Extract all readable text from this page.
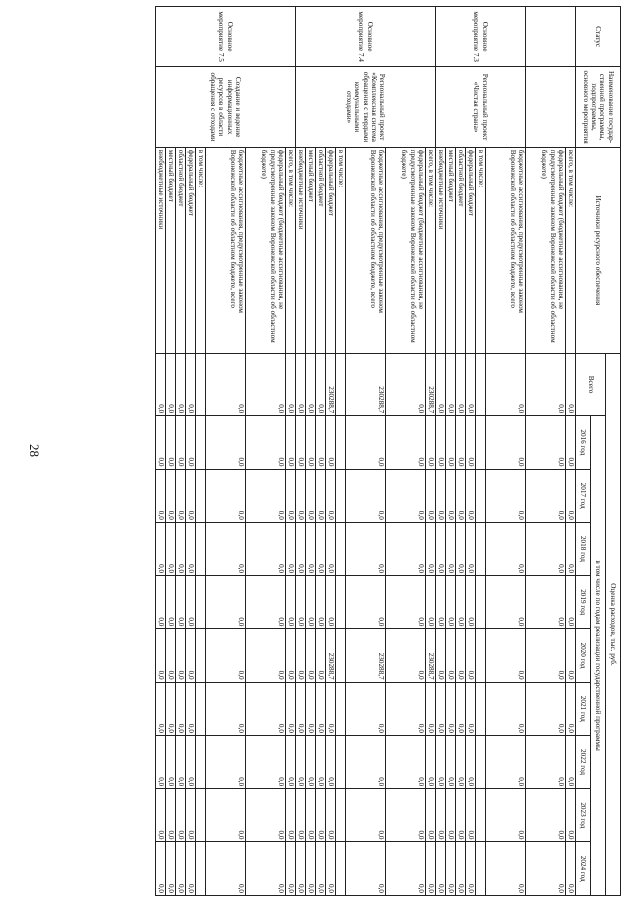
28
Статус	Наименование государ-ственной программы, подпрограммы, основного мероприятия	Источники ресурсного обеспечения	Оценка расходов, тыс. руб.									
			Всего	в том числе по годам реализации государственной программы								
				2016 год	2017 год	2018 год	2019 год	2020 год	2021 год	2022 год	2023 год	2024 год
		всего, в том числе:	0,0	0,0	0,0	0,0	0,0	0,0	0,0	0,0	0,0	0,0
		федеральный бюджет (бюджетные ассигнования, не предусмотренные законом Воронежской области об областном бюджете)	0,0	0,0	0,0	0,0	0,0	0,0	0,0	0,0	0,0	0,0
Основное мероприятие 7.3	Региональный проект «Чистая страна»	бюджетные ассигнования, предусмотренные законом Воронежской области об областном бюджете, всего	0,0	0,0	0,0	0,0	0,0	0,0	0,0	0,0	0,0	0,0
		в том числе:										
		федеральный бюджет	0,0	0,0	0,0	0,0	0,0	0,0	0,0	0,0	0,0	0,0
		областной бюджет	0,0	0,0	0,0	0,0	0,0	0,0	0,0	0,0	0,0	0,0
		местный бюджет	0,0	0,0	0,0	0,0	0,0	0,0	0,0	0,0	0,0	0,0
		внебюджетные источники	0,0	0,0	0,0	0,0	0,0	0,0	0,0	0,0	0,0	0,0
Основное мероприятие 7.4	Региональный проект «Комплексная система обращения с твердыми коммунальными отходами»	всего, в том числе:	230288,7	0,0	0,0	0,0	0,0	230288,7	0,0	0,0	0,0	0,0
		федеральный бюджет (бюджетные ассигнования, не предусмотренные законом Воронежской области об областном бюджете)	0,0	0,0	0,0	0,0	0,0	0,0	0,0	0,0	0,0	0,0
		бюджетные ассигнования, предусмотренные законом Воронежской области об областном бюджете, всего	230288,7	0,0	0,0	0,0	0,0	230288,7	0,0	0,0	0,0	0,0
		в том числе:										
		федеральный бюджет	230288,7	0,0	0,0	0,0	0,0	230288,7	0,0	0,0	0,0	0,0
		областной бюджет	0,0	0,0	0,0	0,0	0,0	0,0	0,0	0,0	0,0	0,0
		местный бюджет	0,0	0,0	0,0	0,0	0,0	0,0	0,0	0,0	0,0	0,0
		внебюджетные источники	0,0	0,0	0,0	0,0	0,0	0,0	0,0	0,0	0,0	0,0
Основное мероприятие 7.5	Создание и ведение информационных ресурсов в области обращения с отходами	всего, в том числе:	0,0	0,0	0,0	0,0	0,0	0,0	0,0	0,0	0,0	0,0
		федеральный бюджет (бюджетные ассигнования, не предусмотренные законом Воронежской области об областном бюджете)	0,0	0,0	0,0	0,0	0,0	0,0	0,0	0,0	0,0	0,0
		бюджетные ассигнования, предусмотренные законом Воронежской области об областном бюджете, всего	0,0	0,0	0,0	0,0	0,0	0,0	0,0	0,0	0,0	0,0
		в том числе:										
		федеральный бюджет	0,0	0,0	0,0	0,0	0,0	0,0	0,0	0,0	0,0	0,0
		областной бюджет	0,0	0,0	0,0	0,0	0,0	0,0	0,0	0,0	0,0	0,0
		местный бюджет	0,0	0,0	0,0	0,0	0,0	0,0	0,0	0,0	0,0	0,0
		внебюджетные источники	0,0	0,0	0,0	0,0	0,0	0,0	0,0	0,0	0,0	0,0
